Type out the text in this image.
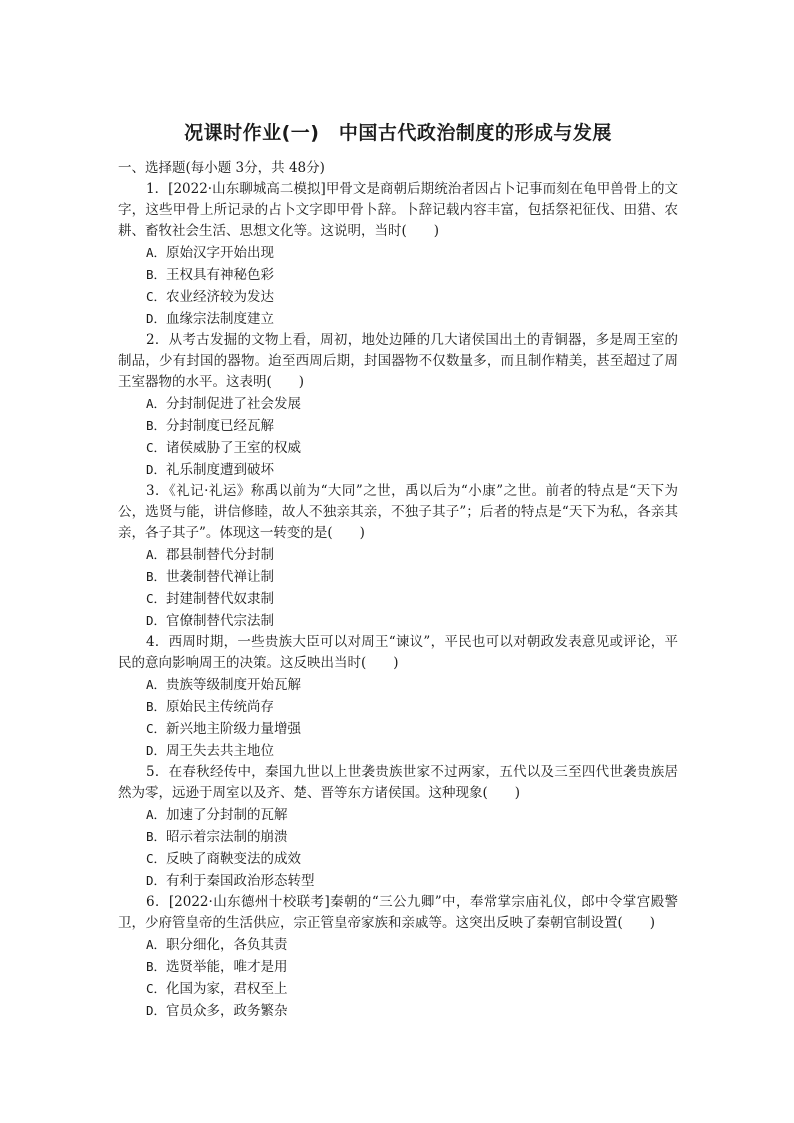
况课时作业(一)　中国古代政治制度的形成与发展
一、选择题(每小题 3分，共 48分)

1．[2022·山东聊城高二模拟]甲骨文是商朝后期统治者因占卜记事而刻在龟甲兽骨上的文字，这些甲骨上所记录的占卜文字即甲骨卜辞。卜辞记载内容丰富，包括祭祀征伐、田猎、农耕、畜牧社会生活、思想文化等。这说明，当时(　　)

A．原始汉字开始出现
B．王权具有神秘色彩
C．农业经济较为发达
D．血缘宗法制度建立

2．从考古发掘的文物上看，周初，地处边陲的几大诸侯国出土的青铜器，多是周王室的制品，少有封国的器物。迨至西周后期，封国器物不仅数量多，而且制作精美，甚至超过了周王室器物的水平。这表明(　　)

A．分封制促进了社会发展
B．分封制度已经瓦解
C．诸侯威胁了王室的权威
D．礼乐制度遭到破坏

3．《礼记·礼运》称禹以前为“大同”之世，禹以后为“小康”之世。前者的特点是“天下为公，选贤与能，讲信修睦，故人不独亲其亲，不独子其子”；后者的特点是“天下为私，各亲其亲，各子其子”。体现这一转变的是(　　)

A．郡县制替代分封制
B．世袭制替代禅让制
C．封建制替代奴隶制
D．官僚制替代宗法制

4．西周时期，一些贵族大臣可以对周王“谏议”，平民也可以对朝政发表意见或评论，平民的意向影响周王的决策。这反映出当时(　　)

A．贵族等级制度开始瓦解
B．原始民主传统尚存
C．新兴地主阶级力量增强
D．周王失去共主地位

5．在春秋经传中，秦国九世以上世袭贵族世家不过两家，五代以及三至四代世袭贵族居然为零，远逊于周室以及齐、楚、晋等东方诸侯国。这种现象(　　)

A．加速了分封制的瓦解
B．昭示着宗法制的崩溃
C．反映了商鞅变法的成效
D．有利于秦国政治形态转型

6．[2022·山东德州十校联考]秦朝的“三公九卿”中，奉常掌宗庙礼仪，郎中令掌宫殿警卫，少府管皇帝的生活供应，宗正管皇帝家族和亲戚等。这突出反映了秦朝官制设置(　　)

A．职分细化，各负其责
B．选贤举能，唯才是用
C．化国为家，君权至上
D．官员众多，政务繁杂
